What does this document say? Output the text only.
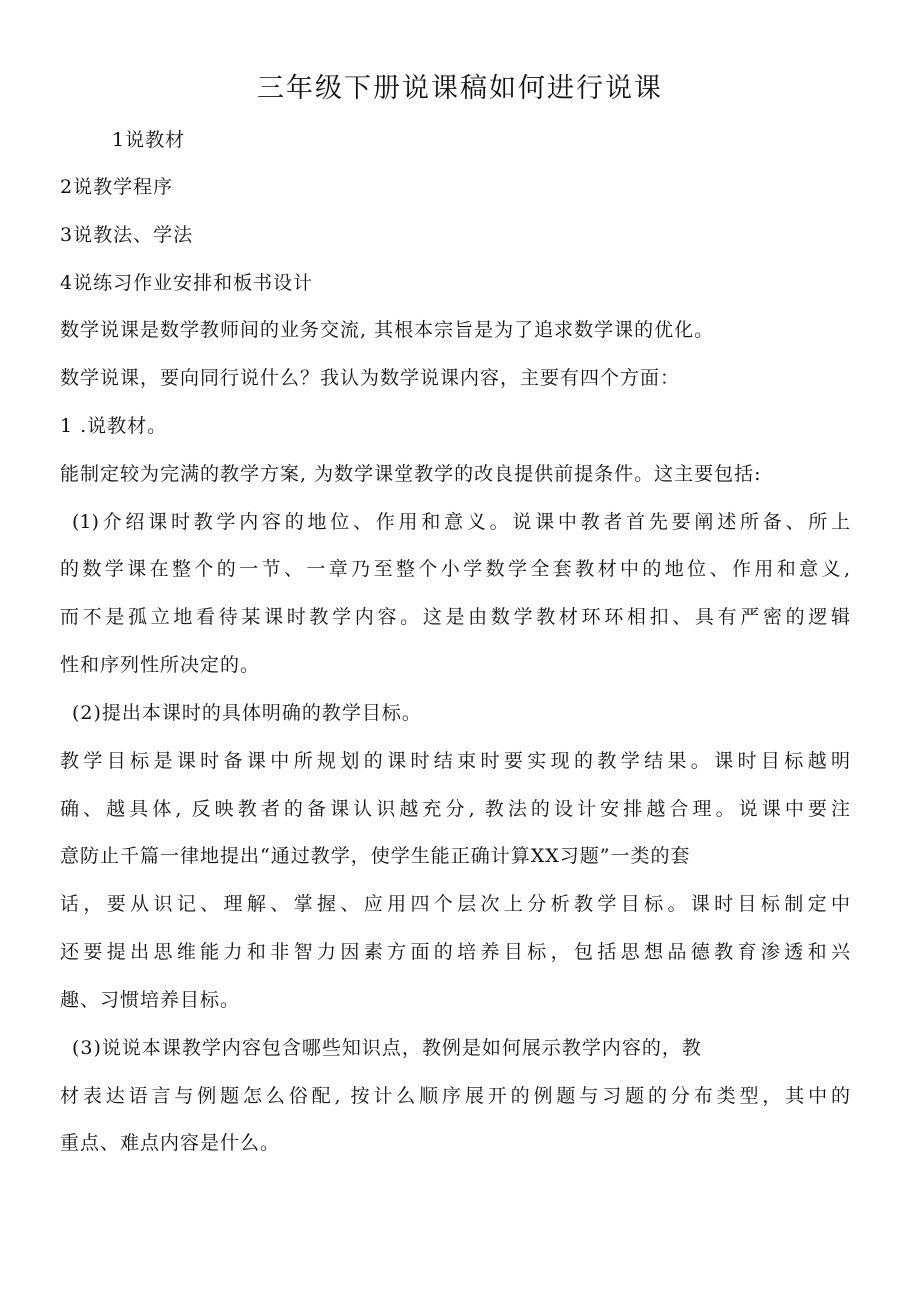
三年级下册说课稿如何进行说课
1说教材
2说教学程序
3说教法、学法
4说练习作业安排和板书设计
数学说课是数学教师间的业务交流, 其根本宗旨是为了追求数学课的优化。
数学说课，要向同行说什么？我认为数学说课内容，主要有四个方面：
1 .说教材。
能制定较为完满的教学方案, 为数学课堂教学的改良提供前提条件。这主要包括:
(1)介绍课时教学内容的地位、作用和意义。说课中教者首先要阐述所备、所上
的数学课在整个的一节、一章乃至整个小学数学全套教材中的地位、作用和意义,
而不是孤立地看待某课时教学内容。这是由数学教材环环相扣、具有严密的逻辑
性和序列性所决定的。
(2)提出本课时的具体明确的教学目标。
教学目标是课时备课中所规划的课时结束时要实现的教学结果。课时目标越明
确、越具体, 反映教者的备课认识越充分, 教法的设计安排越合理。说课中要注
意防止千篇一律地提出“通过教学，使学生能正确计算XX习题”一类的套
话，要从识记、理解、掌握、应用四个层次上分析教学目标。课时目标制定中
还要提出思维能力和非智力因素方面的培养目标，包括思想品德教育渗透和兴
趣、习惯培养目标。
(3)说说本课教学内容包含哪些知识点，教例是如何展示教学内容的，教
材表达语言与例题怎么俗配, 按计么顺序展开的例题与习题的分布类型，其中的
重点、难点内容是什么。
